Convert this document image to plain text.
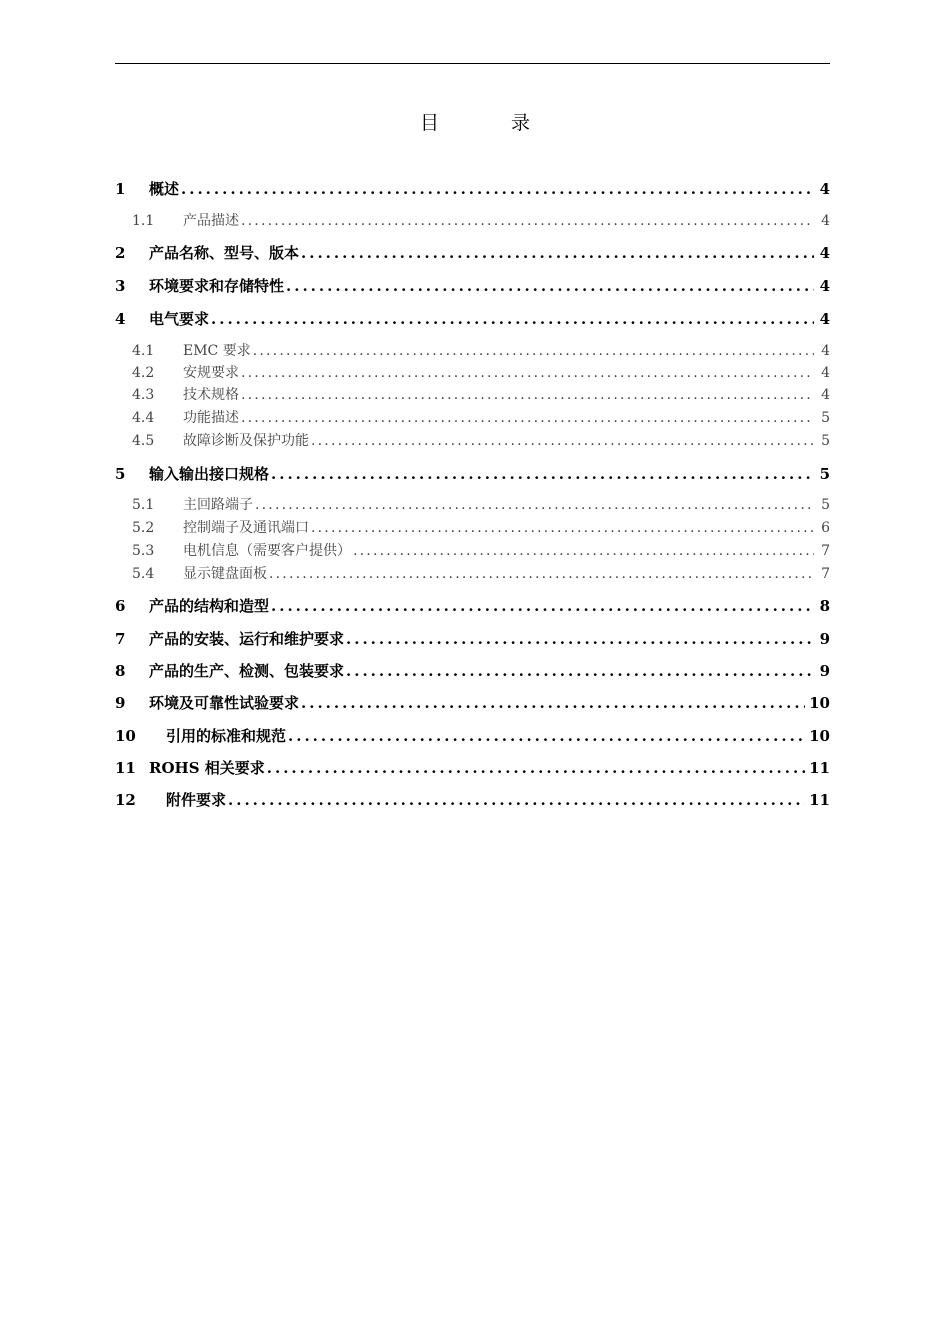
目	录
1	概述 .....	4
1.1	产品描述 .....	4
2	产品名称、型号、版本 .....	4
3	环境要求和存储特性 .....	4
4	电气要求 .....	4
4.1	EMC 要求 .....	4
4.2	安规要求 .....	4
4.3	技术规格 .....	4
4.4	功能描述 .....	5
4.5	故障诊断及保护功能 .....	5
5	输入输出接口规格 .....	5
5.1	主回路端子 .....	5
5.2	控制端子及通讯端口 .....	6
5.3	电机信息（需要客户提供） .....	7
5.4	显示键盘面板 .....	7
6	产品的结构和造型 .....	8
7	产品的安装、运行和维护要求 .....	9
8	产品的生产、检测、包装要求 .....	9
9	环境及可靠性试验要求 .....	10
10	引用的标准和规范 .....	10
11 ROHS 相关要求 .....	11
12	附件要求 .....	11
